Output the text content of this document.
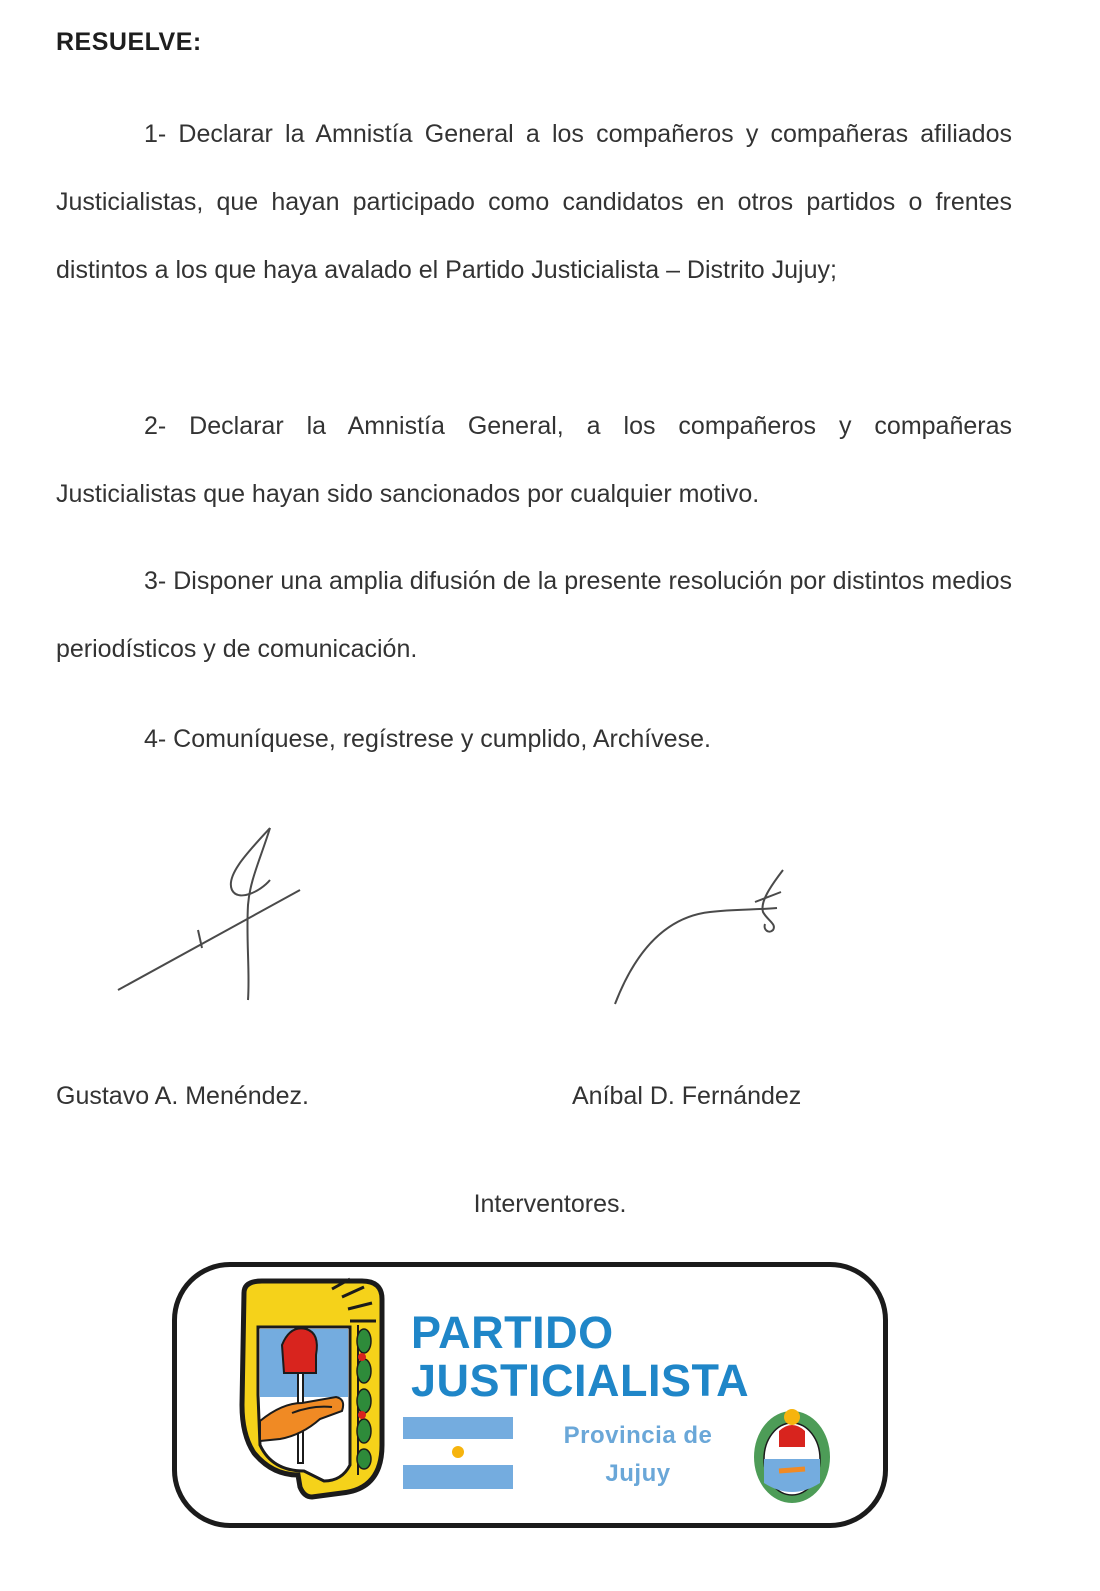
RESUELVE:

1- Declarar la Amnistía General a los compañeros y compañeras afiliados Justicialistas, que hayan participado como candidatos en otros partidos o frentes distintos a los que haya avalado el Partido Justicialista – Distrito Jujuy;

2- Declarar la Amnistía General, a los compañeros y compañeras Justicialistas que hayan sido sancionados por cualquier motivo.

3- Disponer una amplia difusión de la presente resolución por distintos medios periodísticos y de comunicación.

4- Comuníquese, regístrese y cumplido, Archívese.

Gustavo A. Menéndez.	Aníbal D. Fernández
Interventores.
PARTIDO
JUSTICIALISTA
Provincia de
Jujuy
